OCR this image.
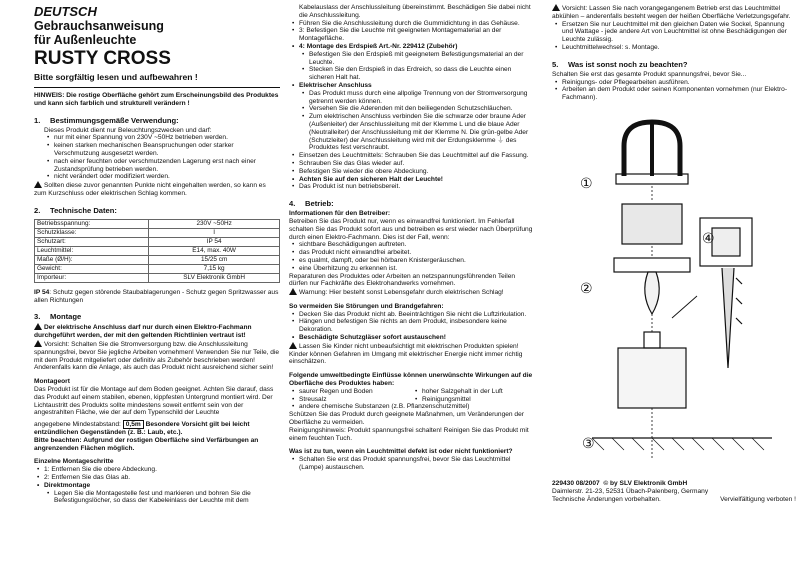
DEUTSCH
Gebrauchsanweisung
für Außenleuchte
RUSTY CROSS
Bitte sorgfältig lesen und aufbewahren !

HINWEIS: Die rostige Oberfläche gehört zum Erscheinungsbild des Produktes und kann sich farblich und strukturell verändern !

1. Bestimmungsgemäße Verwendung:

Dieses Produkt dient nur Beleuchtungszwecken und darf:

• nur mit einer Spannung von 230V ~50Hz betrieben werden.
• keinen starken mechanischen Beanspruchungen oder starker Verschmutzung ausgesetzt werden.
• nach einer feuchten oder verschmutzenden Lagerung erst nach einer Zustandsprüfung betrieben werden.
• nicht verändert oder modifiziert werden.

Sollten diese zuvor genannten Punkte nicht eingehalten werden, so kann es zum Kurzschluss oder elektrischen Schlag kommen.

2. Technische Daten:
Betriebsspannung:	230V ~50Hz
Schutzklasse:	I
Schutzart:	IP 54
Leuchtmittel:	E14, max. 40W
Maße (Ø/H):	15/25 cm
Gewicht:	7,15 kg
Importeur:	SLV Elektronik GmbH

IP 54: Schutz gegen störende Staubablagerungen - Schutz gegen Spritzwasser aus allen Richtungen

3. Montage

Der elektrische Anschluss darf nur durch einen Elektro-Fachmann durchgeführt werden, der mit den geltenden Richtlinien vertraut ist!

Vorsicht: Schalten Sie die Stromversorgung bzw. die Anschlussleitung spannungsfrei, bevor Sie jegliche Arbeiten vornehmen! Verwenden Sie nur Teile, die mit dem Produkt mitgeliefert oder definitiv als Zubehör beschrieben werden! Anderenfalls kann die Anlage, als auch das Produkt nicht ausreichend sicher sein!

Montageort

Das Produkt ist für die Montage auf dem Boden geeignet. Achten Sie darauf, dass das Produkt auf einem stabilen, ebenen, kippfesten Untergrund montiert wird. Der Lichtaustritt des Produkts sollte mindestens soweit entfernt sein von der angestrahlten Fläche, wie der auf dem Typenschild der Leuchte

angegebene Mindestabstand: 0,5m Besondere Vorsicht gilt bei leicht entzündlichen Gegenständen (z. B.: Laub, etc.).

Bitte beachten: Aufgrund der rostigen Oberfläche sind Verfärbungen an angrenzenden Flächen möglich.

Einzelne Montageschritte

• 1: Entfernen Sie die obere Abdeckung.
• 2: Entfernen Sie das Glas ab.
• Direktmontage
• Legen Sie die Montagestelle fest und markieren und bohren Sie die Befestigungslöcher, so dass der Kabeleinlass der Leuchte mit dem

Kabelauslass der Anschlussleitung übereinstimmt. Beschädigen Sie dabei nicht die Anschlussleitung.

• Führen Sie die Anschlussleitung durch die Gummidichtung in das Gehäuse.
• 3: Befestigen Sie die Leuchte mit geeigneten Montagematerial an der Montagefläche.
• 4: Montage des Erdspieß Art.-Nr. 229412 (Zubehör)
• Befestigen Sie den Erdspieß mit geeignetem Befestigungsmaterial an der Leuchte.
• Stecken Sie den Erdspieß in das Erdreich, so dass die Leuchte einen sicheren Halt hat.
• Elektrischer Anschluss
• Das Produkt muss durch eine allpolige Trennung von der Stromversorgung getrennt werden können.
• Versehen Sie die Aderenden mit den beiliegenden Schutzschläuchen.
• Zum elektrischen Anschluss verbinden Sie die schwarze oder braune Ader (Außenleiter) der Anschlussleitung mit der Klemme L und die blaue Ader (Neutralleiter) der Anschlussleitung mit der Klemme N. Die grün-gelbe Ader (Schutzleiter) der Anschlussleitung wird mit der Erdungsklemme ⏚ des Produktes fest verschraubt.
• Einsetzen des Leuchtmittels: Schrauben Sie das Leuchtmittel auf die Fassung.
• Schrauben Sie das Glas wieder auf.
• Befestigen Sie wieder die obere Abdeckung.
• Achten Sie auf den sicheren Halt der Leuchte!
• Das Produkt ist nun betriebsbereit.
4. Betrieb:

Informationen für den Betreiber:

Betreiben Sie das Produkt nur, wenn es einwandfrei funktioniert. Im Fehlerfall schalten Sie das Produkt sofort aus und betreiben es erst wieder nach Überprüfung durch einen Elektro-Fachmann. Dies ist der Fall, wenn:

• sichtbare Beschädigungen auftreten.
• das Produkt nicht einwandfrei arbeitet.
• es qualmt, dampft, oder bei hörbaren Knistergeräuschen.
• eine Überhitzung zu erkennen ist.

Reparaturen des Produktes oder Arbeiten an netzspannungsführenden Teilen dürfen nur Fachkräfte des Elektrohandwerks vornehmen.

Warnung: Hier besteht sonst Lebensgefahr durch elektrischen Schlag!

So vermeiden Sie Störungen und Brandgefahren:

• Decken Sie das Produkt nicht ab. Beeinträchtigen Sie nicht die Luftzirkulation.
• Hängen und befestigen Sie nichts an dem Produkt, insbesondere keine Dekoration.
• Beschädigte Schutzgläser sofort austauschen!

Lassen Sie Kinder nicht unbeaufsichtigt mit elektrischen Produkten spielen! Kinder können Gefahren im Umgang mit elektrischer Energie nicht immer richtig einschätzen.

Folgende umweltbedingte Einflüsse können unerwünschte Wirkungen auf die Oberfläche des Produktes haben:

• saurer Regen und Boden
• Streusalz
• hoher Salzgehalt in der Luft
• Reinigungsmittel
• andere chemische Substanzen (z.B. Pflanzenschutzmittel)

Schützen Sie das Produkt durch geeignete Maßnahmen, um Veränderungen der Oberfläche zu vermeiden.

Reinigungshinweis: Produkt spannungsfrei schalten! Reinigen Sie das Produkt mit einem feuchten Tuch.

Was ist zu tun, wenn ein Leuchtmittel defekt ist oder nicht funktioniert?

• Schalten Sie erst das Produkt spannungsfrei, bevor Sie das Leuchtmittel (Lampe) austauschen.

Vorsicht: Lassen Sie nach vorangegangenem Betrieb erst das Leuchtmittel abkühlen – anderenfalls besteht wegen der heißen Oberfläche Verletzungsgefahr.

• Ersetzen Sie nur Leuchtmittel mit den gleichen Daten wie Sockel, Spannung und Wattage - jede andere Art von Leuchtmittel ist ohne Beschädigungen der Leuchte zulässig.
• Leuchtmittelwechsel: s. Montage.
5. Was ist sonst noch zu beachten?

Schalten Sie erst das gesamte Produkt spannungsfrei, bevor Sie...

• Reinigungs- oder Pflegearbeiten ausführen.
• Arbeiten an dem Produkt oder seinen Komponenten vornehmen (nur Elektro-Fachmann).
①
②
③
④

229430 08/2007 © by SLV Elektronik GmbH

Daimlerstr. 21-23, 52531 Übach-Palenberg, Germany

Technische Änderungen vorbehalten.	Vervielfältigung verboten !
